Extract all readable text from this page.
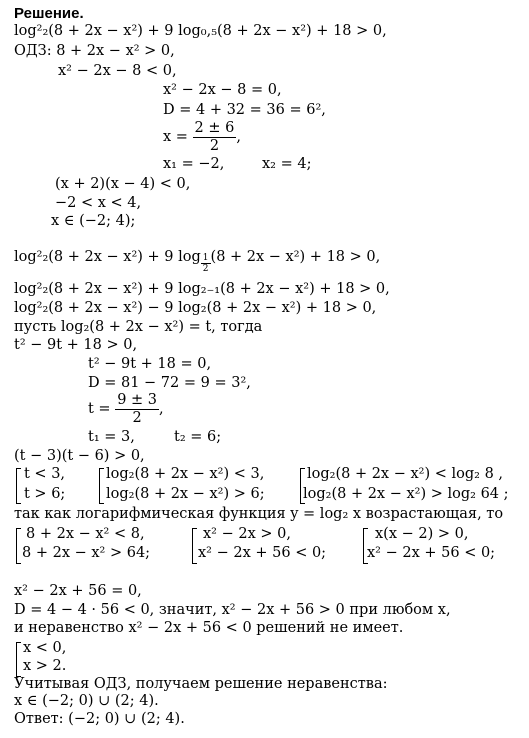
Решение.
log²₂(8 + 2x − x²) + 9 log₀,₅(8 + 2x − x²) + 18 > 0,
ОДЗ: 8 + 2x − x² > 0,
x² − 2x − 8 < 0,
x² − 2x − 8 = 0,
D = 4 + 32 = 36 = 6²,
$x = \frac{2 \pm 6}{2}$ ,
x₁ = −2,	x₂ = 4;
(x + 2)(x − 4) < 0,
−2 < x < 4,
x ∈ (−2; 4);
log²₂(8 + 2x − x²) + 9 $\log \frac{1}{2} (8 + 2x - x^2) + 18 > 0$,
log²₂(8 + 2x − x²) + 9 log₂₋₁(8 + 2x − x²) + 18 > 0,
log²₂(8 + 2x − x²) − 9 log₂(8 + 2x − x²) + 18 > 0,
пусть log₂(8 + 2x − x²) = t, тогда
t² − 9t + 18 > 0,
t² − 9t + 18 = 0,
D = 81 − 72 = 9 = 3²,
$t = \frac{9 \pm 3}{2}$ ,
t₁ = 3,	t₂ = 6;
(t − 3)(t − 6) > 0,
t < 3,
t > 6;
log₂(8 + 2x − x²) < 3,
log₂(8 + 2x − x²) > 6;
log₂(8 + 2x − x²) < log₂ 8 ,
log₂(8 + 2x − x²) > log₂ 64 ;
так как логарифмическая функция y = log₂ x возрастающая, то
8 + 2x − x² < 8,
8 + 2x − x² > 64;
x² − 2x > 0,
x² − 2x + 56 < 0;
x(x − 2) > 0,
x² − 2x + 56 < 0;
x² − 2x + 56 = 0,
D = 4 − 4 · 56 < 0, значит, x² − 2x + 56 > 0 при любом x,
и неравенство x² − 2x + 56 < 0 решений не имеет.
x < 0,
x > 2.
Учитывая ОДЗ, получаем решение неравенства:
x ∈ (−2; 0) ∪ (2; 4).
Ответ: (−2; 0) ∪ (2; 4).
